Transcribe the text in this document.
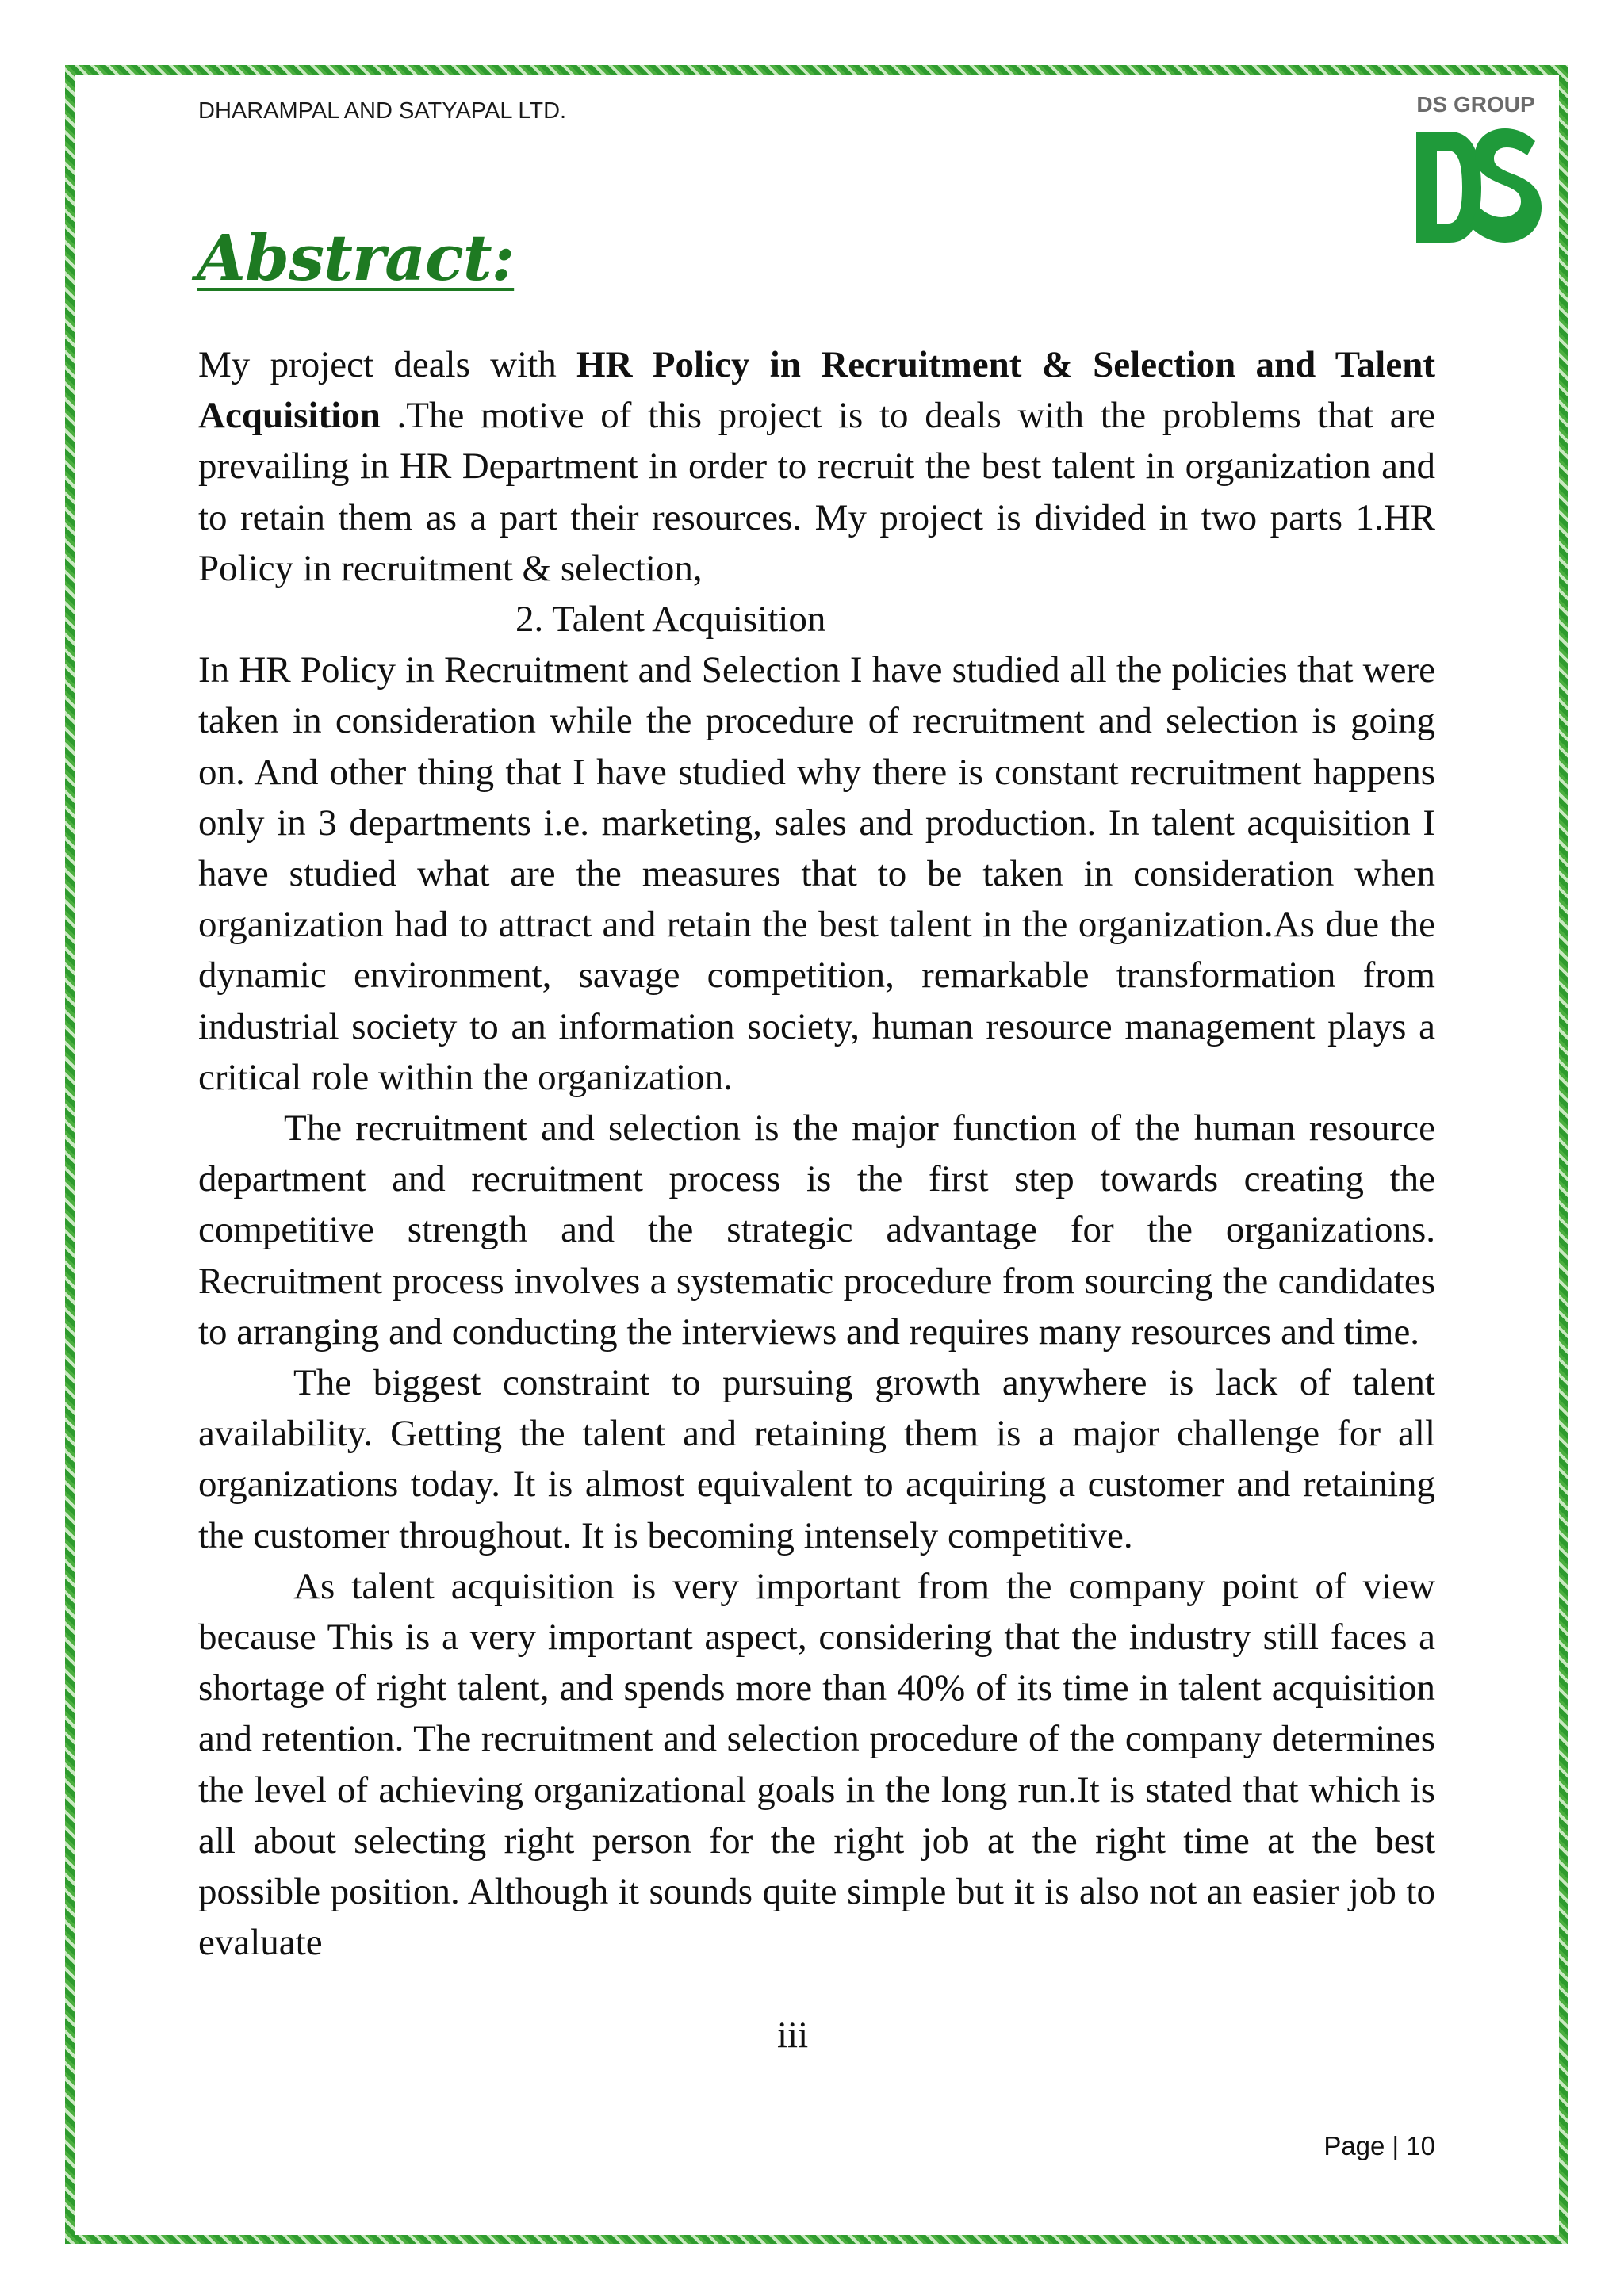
DHARAMPAL AND SATYAPAL LTD.	DS GROUP
Abstract:

My project deals with HR Policy in Recruitment & Selection and Talent Acquisition .The motive of this project is to deals with the problems that are prevailing in HR Department in order to recruit the best talent in organization and to retain them as a part their resources. My project is divided in two parts 1.HR Policy in recruitment & selection,

2. Talent Acquisition

In HR Policy in Recruitment and Selection I have studied all the policies that were taken in consideration while the procedure of recruitment and selection is going on. And other thing that I have studied why there is constant recruitment happens only in 3 departments i.e. marketing, sales and production. In talent acquisition I have studied what are the measures that to be taken in consideration when organization had to attract and retain the best talent in the organization.As due the dynamic environment, savage competition, remarkable transformation from industrial society to an information society, human resource management plays a critical role within the organization.

The recruitment and selection is the major function of the human resource department and recruitment process is the first step towards creating the competitive strength and the strategic advantage for the organizations. Recruitment process involves a systematic procedure from sourcing the candidates to arranging and conducting the interviews and requires many resources and time.

The biggest constraint to pursuing growth anywhere is lack of talent availability. Getting the talent and retaining them is a major challenge for all organizations today. It is almost equivalent to acquiring a customer and retaining the customer throughout. It is becoming intensely competitive.

As talent acquisition is very important from the company point of view because This is a very important aspect, considering that the industry still faces a shortage of right talent, and spends more than 40% of its time in talent acquisition and retention. The recruitment and selection procedure of the company determines the level of achieving organizational goals in the long run.It is stated that which is all about selecting right person for the right job at the right time at the best possible position. Although it sounds quite simple but it is also not an easier job to evaluate

iii
Page | 10
